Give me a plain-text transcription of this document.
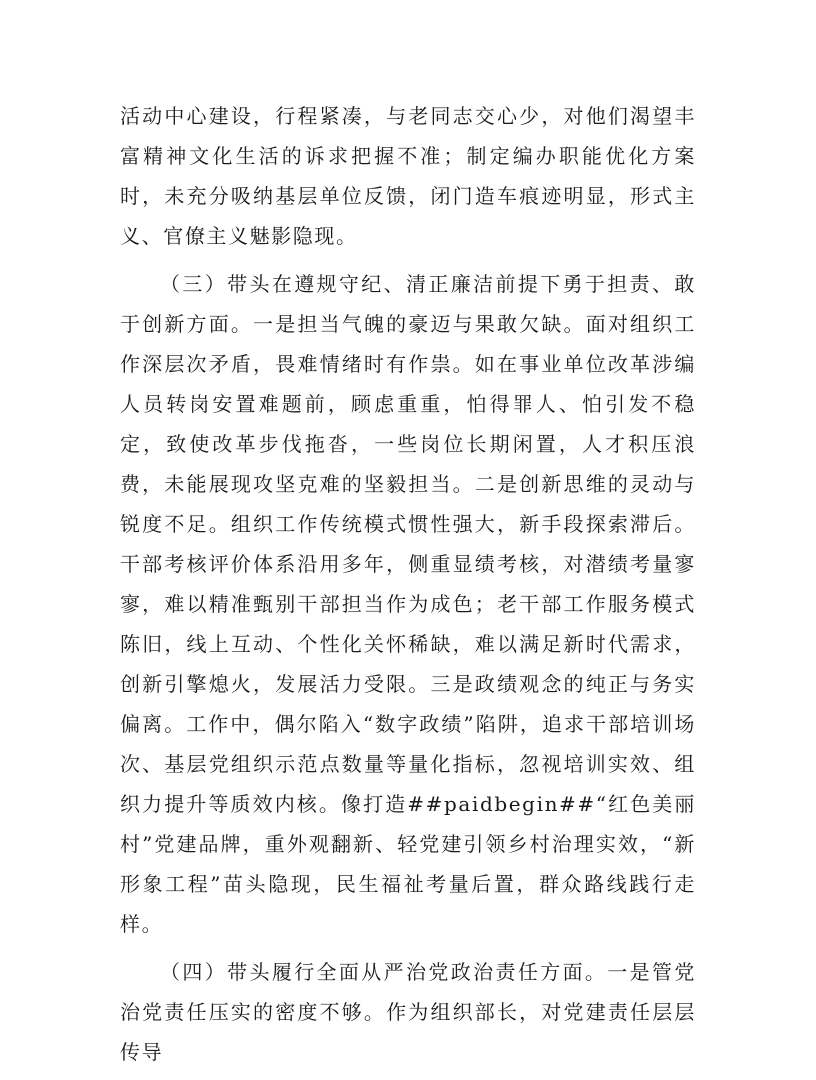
活动中心建设，行程紧凑，与老同志交心少，对他们渴望丰富精神文化生活的诉求把握不准；制定编办职能优化方案时，未充分吸纳基层单位反馈，闭门造车痕迹明显，形式主义、官僚主义魅影隐现。

（三）带头在遵规守纪、清正廉洁前提下勇于担责、敢于创新方面。一是担当气魄的豪迈与果敢欠缺。面对组织工作深层次矛盾，畏难情绪时有作祟。如在事业单位改革涉编人员转岗安置难题前，顾虑重重，怕得罪人、怕引发不稳定，致使改革步伐拖沓，一些岗位长期闲置，人才积压浪费，未能展现攻坚克难的坚毅担当。二是创新思维的灵动与锐度不足。组织工作传统模式惯性强大，新手段探索滞后。干部考核评价体系沿用多年，侧重显绩考核，对潜绩考量寥寥，难以精准甄别干部担当作为成色；老干部工作服务模式陈旧，线上互动、个性化关怀稀缺，难以满足新时代需求，创新引擎熄火，发展活力受限。三是政绩观念的纯正与务实偏离。工作中，偶尔陷入“数字政绩”陷阱，追求干部培训场次、基层党组织示范点数量等量化指标，忽视培训实效、组织力提升等质效内核。像打造##paidbegin##“红色美丽村”党建品牌，重外观翻新、轻党建引领乡村治理实效，“新形象工程”苗头隐现，民生福祉考量后置，群众路线践行走样。

（四）带头履行全面从严治党政治责任方面。一是管党治党责任压实的密度不够。作为组织部长，对党建责任层层传导
